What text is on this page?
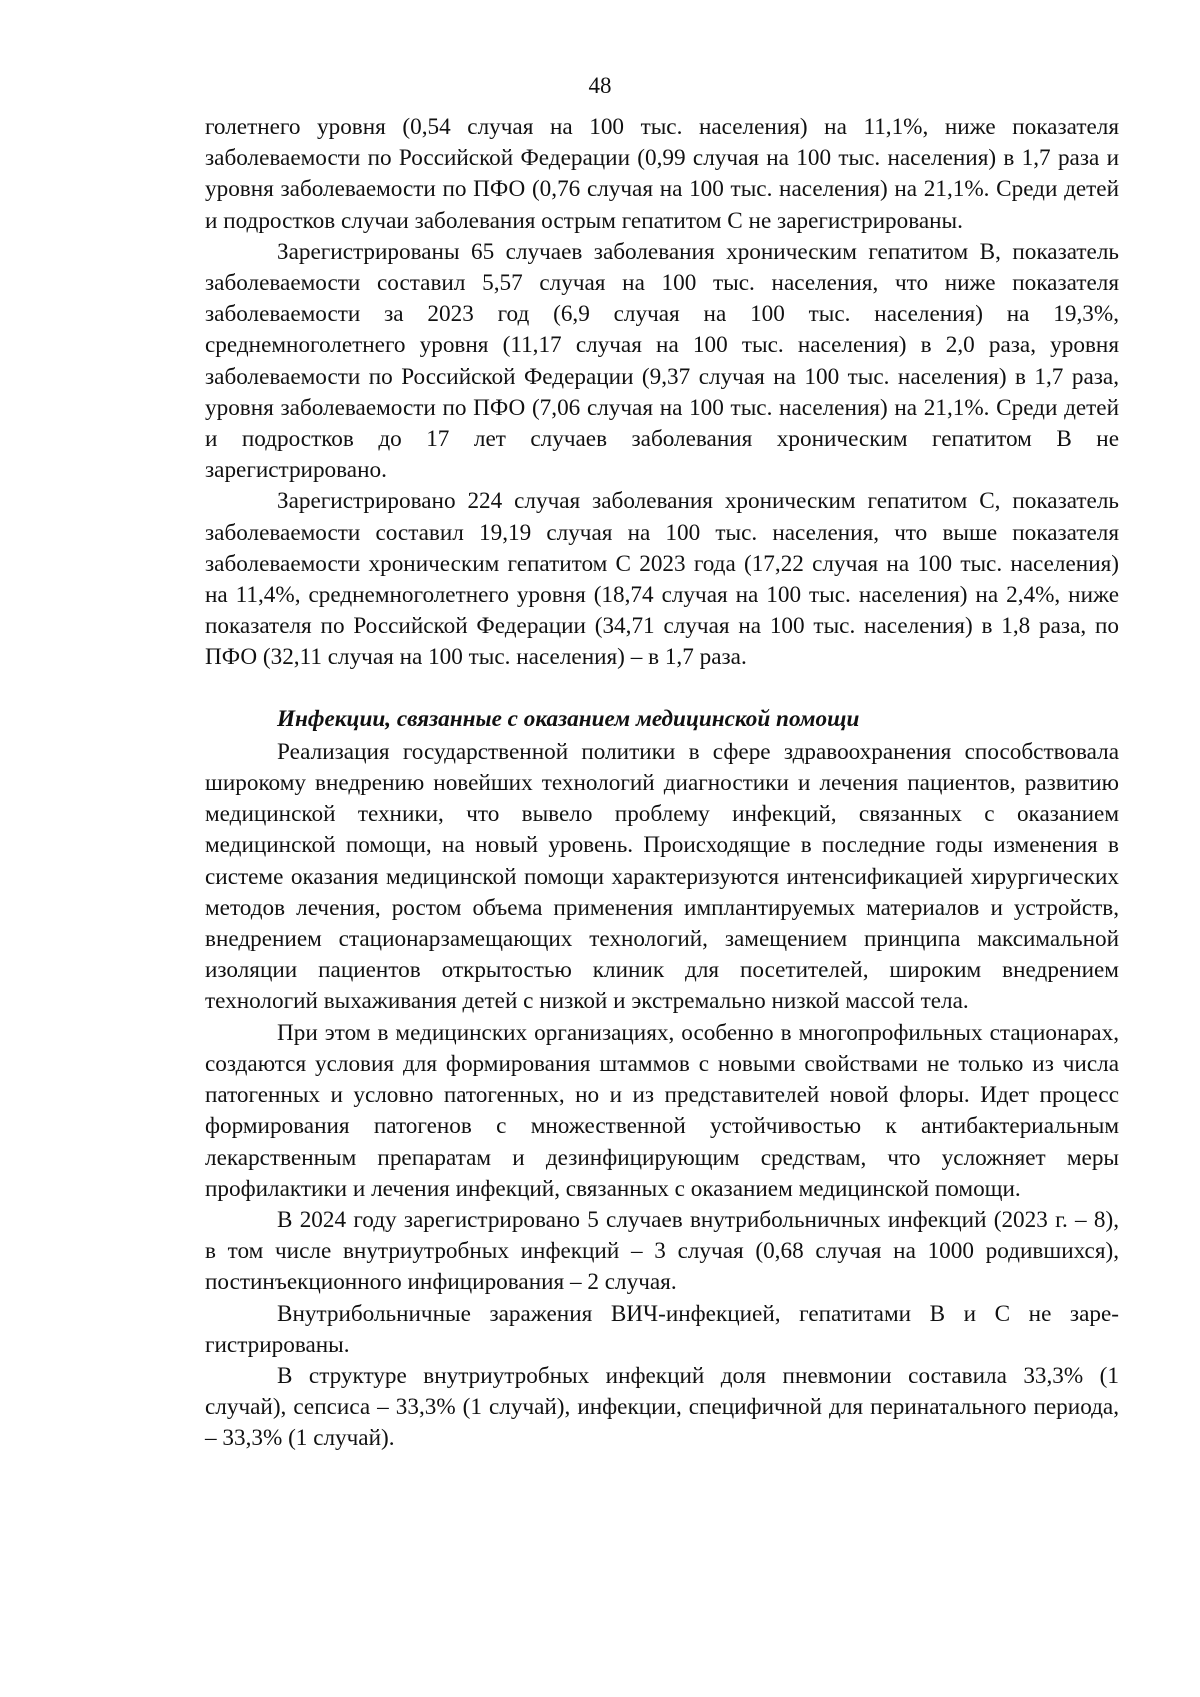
48

голетнего уровня (0,54 случая на 100 тыс. населения) на 11,1%, ниже показателя заболеваемости по Российской Федерации (0,99 случая на 100 тыс. населения) в 1,7 раза и уровня заболеваемости по ПФО (0,76 случая на 100 тыс. населения) на 21,1%. Среди детей и подростков случаи заболевания острым гепатитом С не зарегистрированы.

Зарегистрированы 65 случаев заболевания хроническим гепатитом В, показатель заболеваемости составил 5,57 случая на 100 тыс. населения, что ниже показателя заболеваемости за 2023 год (6,9 случая на 100 тыс. населения) на 19,3%, среднемноголетнего уровня (11,17 случая на 100 тыс. населения) в 2,0 раза, уровня заболеваемости по Российской Федерации (9,37 случая на 100 тыс. населения) в 1,7 раза, уровня заболеваемости по ПФО (7,06 случая на 100 тыс. населения) на 21,1%. Среди детей и подростков до 17 лет случаев заболевания хроническим гепатитом В не зарегистрировано.

Зарегистрировано 224 случая заболевания хроническим гепатитом С, показатель заболеваемости составил 19,19 случая на 100 тыс. населения, что выше показателя заболеваемости хроническим гепатитом С 2023 года (17,22 случая на 100 тыс. населения) на 11,4%, среднемноголетнего уровня (18,74 случая на 100 тыс. населения) на 2,4%, ниже показателя по Российской Федерации (34,71 случая на 100 тыс. населения) в 1,8 раза, по ПФО (32,11 случая на 100 тыс. населения) – в 1,7 раза.

Инфекции, связанные с оказанием медицинской помощи

Реализация государственной политики в сфере здравоохранения способствовала широкому внедрению новейших технологий диагностики и лечения пациентов, развитию медицинской техники, что вывело проблему инфекций, связанных с оказанием медицинской помощи, на новый уровень. Происходящие в последние годы изменения в системе оказания медицинской помощи характеризуются интенсификацией хирургических методов лечения, ростом объема применения имплантируемых материалов и устройств, внедрением стационарзамещающих технологий, замещением принципа максимальной изоляции пациентов открытостью клиник для посетителей, широким внедрением технологий выхаживания детей с низкой и экстремально низкой массой тела.

При этом в медицинских организациях, особенно в многопрофильных стационарах, создаются условия для формирования штаммов с новыми свойствами не только из числа патогенных и условно патогенных, но и из представителей новой флоры. Идет процесс формирования патогенов с множественной устойчивостью к антибактериальным лекарственным препаратам и дезинфицирующим средствам, что усложняет меры профилактики и лечения инфекций, связанных с оказанием медицинской помощи.

В 2024 году зарегистрировано 5 случаев внутрибольничных инфекций (2023 г. – 8), в том числе внутриутробных инфекций – 3 случая (0,68 случая на 1000 родившихся), постинъекционного инфицирования – 2 случая.

Внутрибольничные заражения ВИЧ-инфекцией, гепатитами В и С не зарегистрированы.

В структуре внутриутробных инфекций доля пневмонии составила 33,3% (1 случай), сепсиса – 33,3% (1 случай), инфекции, специфичной для перинатального периода, – 33,3% (1 случай).
